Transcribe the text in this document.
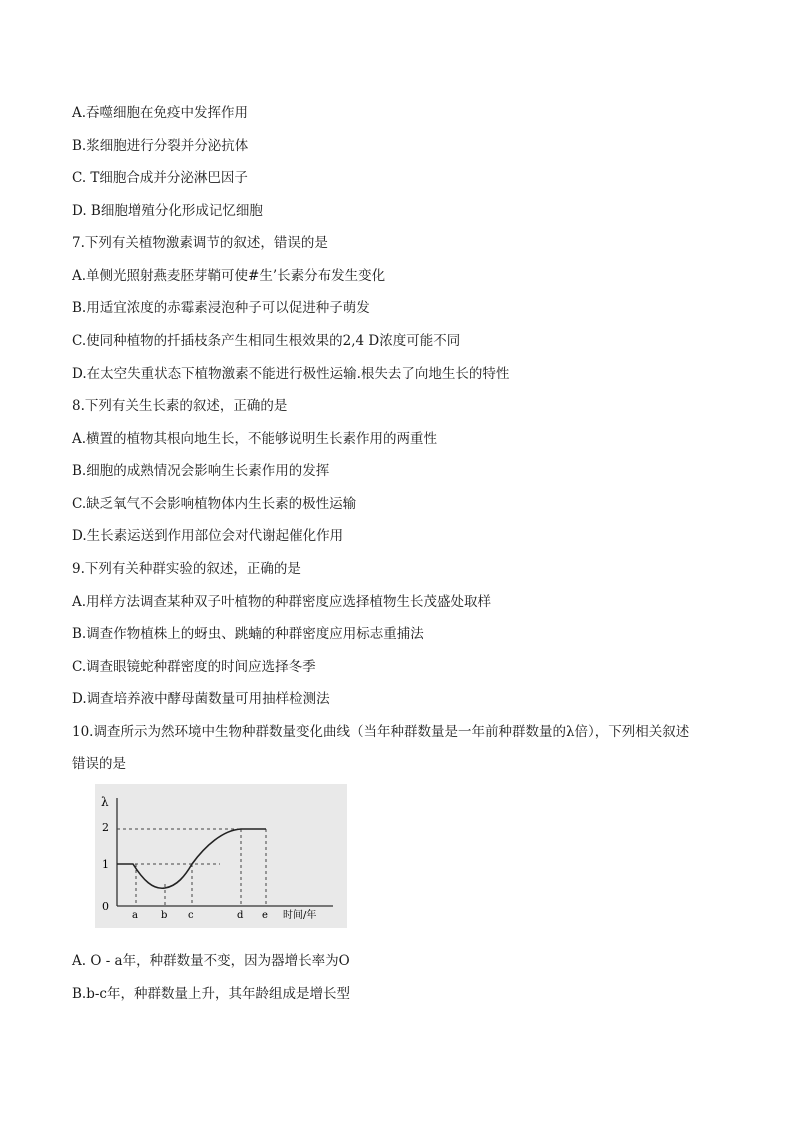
A.吞噬细胞在免疫中发挥作用
B.浆细胞进行分裂并分泌抗体
C. T细胞合成并分泌淋巴因子
D. B细胞增殖分化形成记忆细胞
7.下列有关植物激素调节的叙述，错误的是
A.单侧光照射燕麦胚芽鞘可使#生’长素分布发生变化
B.用适宜浓度的赤霉素浸泡种子可以促进种子萌发
C.使同种植物的扦插枝条产生相同生根效果的2,4 D浓度可能不同
D.在太空失重状态下植物激素不能进行极性运输.根失去了向地生长的特性
8.下列有关生长素的叙述，正确的是
A.横置的植物其根向地生长，不能够说明生长素作用的两重性
B.细胞的成熟情况会影响生长素作用的发挥
C.缺乏氧气不会影响植物体内生长素的极性运输
D.生长素运送到作用部位会对代谢起催化作用
9.下列有关种群实验的叙述，正确的是
A.用样方法调查某种双子叶植物的种群密度应选择植物生长茂盛处取样
B.调查作物植株上的蚜虫、跳蝻的种群密度应用标志重捕法
C.调查眼镜蛇种群密度的时间应选择冬季
D.调查培养液中酵母菌数量可用抽样检测法
10.调查所示为然环境中生物种群数量变化曲线（当年种群数量是一年前种群数量的λ倍），下列相关叙述
错误的是
A. O - a年，种群数量不变，因为器增长率为O
B.b-c年，种群数量上升，其年龄组成是增长型
λ
2
1
0
a b c	d e 时间/年
